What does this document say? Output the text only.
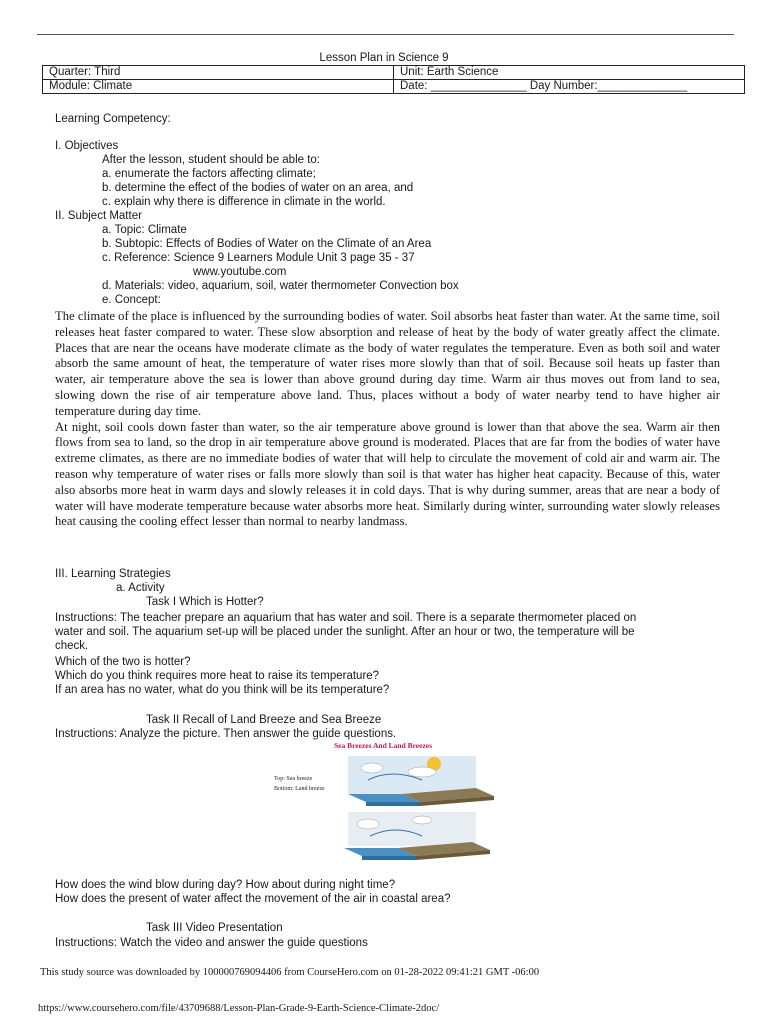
Lesson Plan in Science 9
Quarter: Third	Unit: Earth Science
Module: Climate	Date: _______________ Day Number:______________
Learning Competency:
I. Objectives
After the lesson, student should be able to:
a. enumerate the factors affecting climate;
b. determine the effect of the bodies of water on an area, and
c. explain why there is difference in climate in the world.
II. Subject Matter
a. Topic: Climate
b. Subtopic: Effects of Bodies of Water on the Climate of an Area
c. Reference: Science 9 Learners Module Unit 3 page 35 - 37
www.youtube.com
d. Materials: video, aquarium, soil, water thermometer Convection box
e. Concept:

The climate of the place is influenced by the surrounding bodies of water. Soil absorbs heat faster than water. At the same time, soil releases heat faster compared to water. These slow absorption and release of heat by the body of water greatly affect the climate. Places that are near the oceans have moderate climate as the body of water regulates the temperature. Even as both soil and water absorb the same amount of heat, the temperature of water rises more slowly than that of soil. Because soil heats up faster than water, air temperature above the sea is lower than above ground during day time. Warm air thus moves out from land to sea, slowing down the rise of air temperature above land. Thus, places without a body of water nearby tend to have higher air temperature during day time.

At night, soil cools down faster than water, so the air temperature above ground is lower than that above the sea. Warm air then flows from sea to land, so the drop in air temperature above ground is moderated. Places that are far from the bodies of water have extreme climates, as there are no immediate bodies of water that will help to circulate the movement of cold air and warm air. The reason why temperature of water rises or falls more slowly than soil is that water has higher heat capacity. Because of this, water also absorbs more heat in warm days and slowly releases it in cold days. That is why during summer, areas that are near a body of water will have moderate temperature because water absorbs more heat. Similarly during winter, surrounding water slowly releases heat causing the cooling effect lesser than normal to nearby landmass.

III. Learning Strategies
a. Activity
Task I Which is Hotter?
Instructions: The teacher prepare an aquarium that has water and soil. There is a separate thermometer placed on
water and soil. The aquarium set-up will be placed under the sunlight. After an hour or two, the temperature will be
check.
Which of the two is hotter?
Which do you think requires more heat to raise its temperature?
If an area has no water, what do you think will be its temperature?
Task II Recall of Land Breeze and Sea Breeze
Instructions: Analyze the picture. Then answer the guide questions.
Sea Breezes And Land Breezes
Top: Sea breeze
Bottom: Land breeze
How does the wind blow during day? How about during night time?
How does the present of water affect the movement of the air in coastal area?
Task III Video Presentation
Instructions: Watch the video and answer the guide questions
This study source was downloaded by 100000769094406 from CourseHero.com on 01-28-2022 09:41:21 GMT -06:00
https://www.coursehero.com/file/43709688/Lesson-Plan-Grade-9-Earth-Science-Climate-2doc/
